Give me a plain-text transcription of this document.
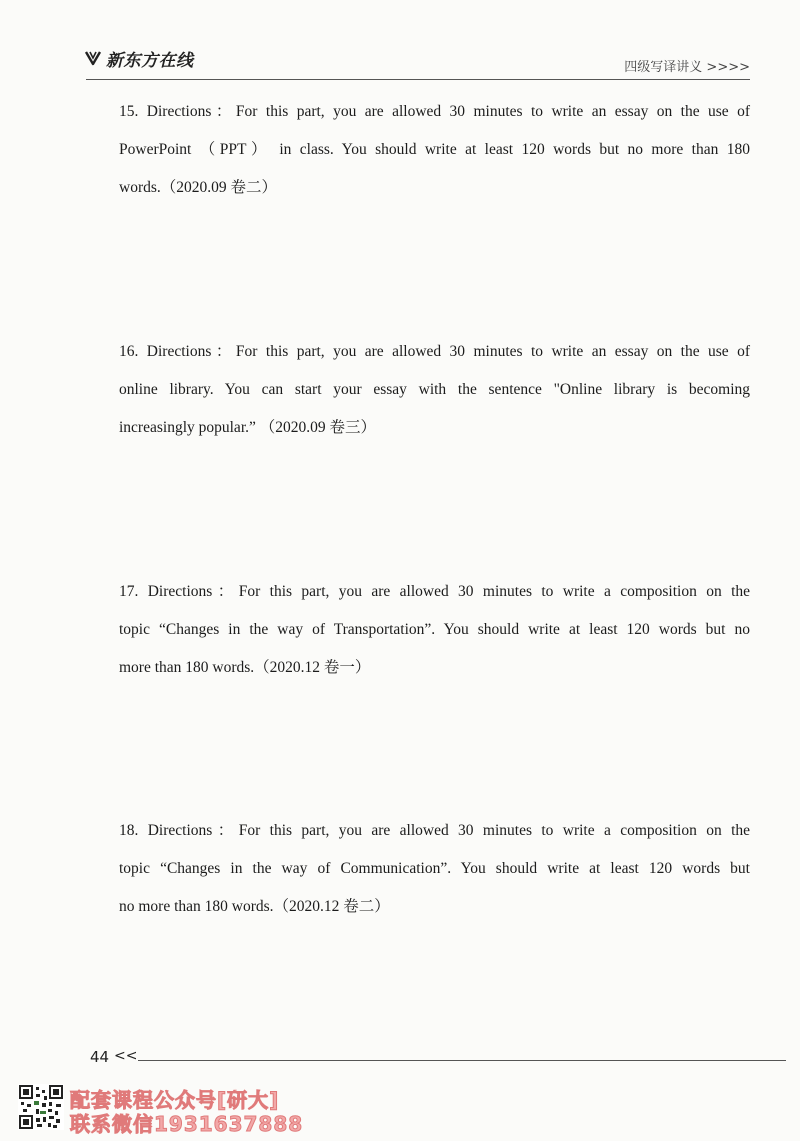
新东方在线	四级写译讲义 >>>>
15. Directions：For this part, you are allowed 30 minutes to write an essay on the use of
PowerPoint （PPT） in class. You should write at least 120 words but no more than 180
words.（2020.09 卷二）
16. Directions：For this part, you are allowed 30 minutes to write an essay on the use of
online library. You can start your essay with the sentence "Online library is becoming
increasingly popular.” （2020.09 卷三）
17. Directions：For this part, you are allowed 30 minutes to write a composition on the
topic “Changes in the way of Transportation”. You should write at least 120 words but no
more than 180 words.（2020.12 卷一）
18. Directions：For this part, you are allowed 30 minutes to write a composition on the
topic “Changes in the way of Communication”. You should write at least 120 words but
no more than 180 words.（2020.12 卷二）
44 <<
配套课程公众号[研大]
联系微信1931637888
